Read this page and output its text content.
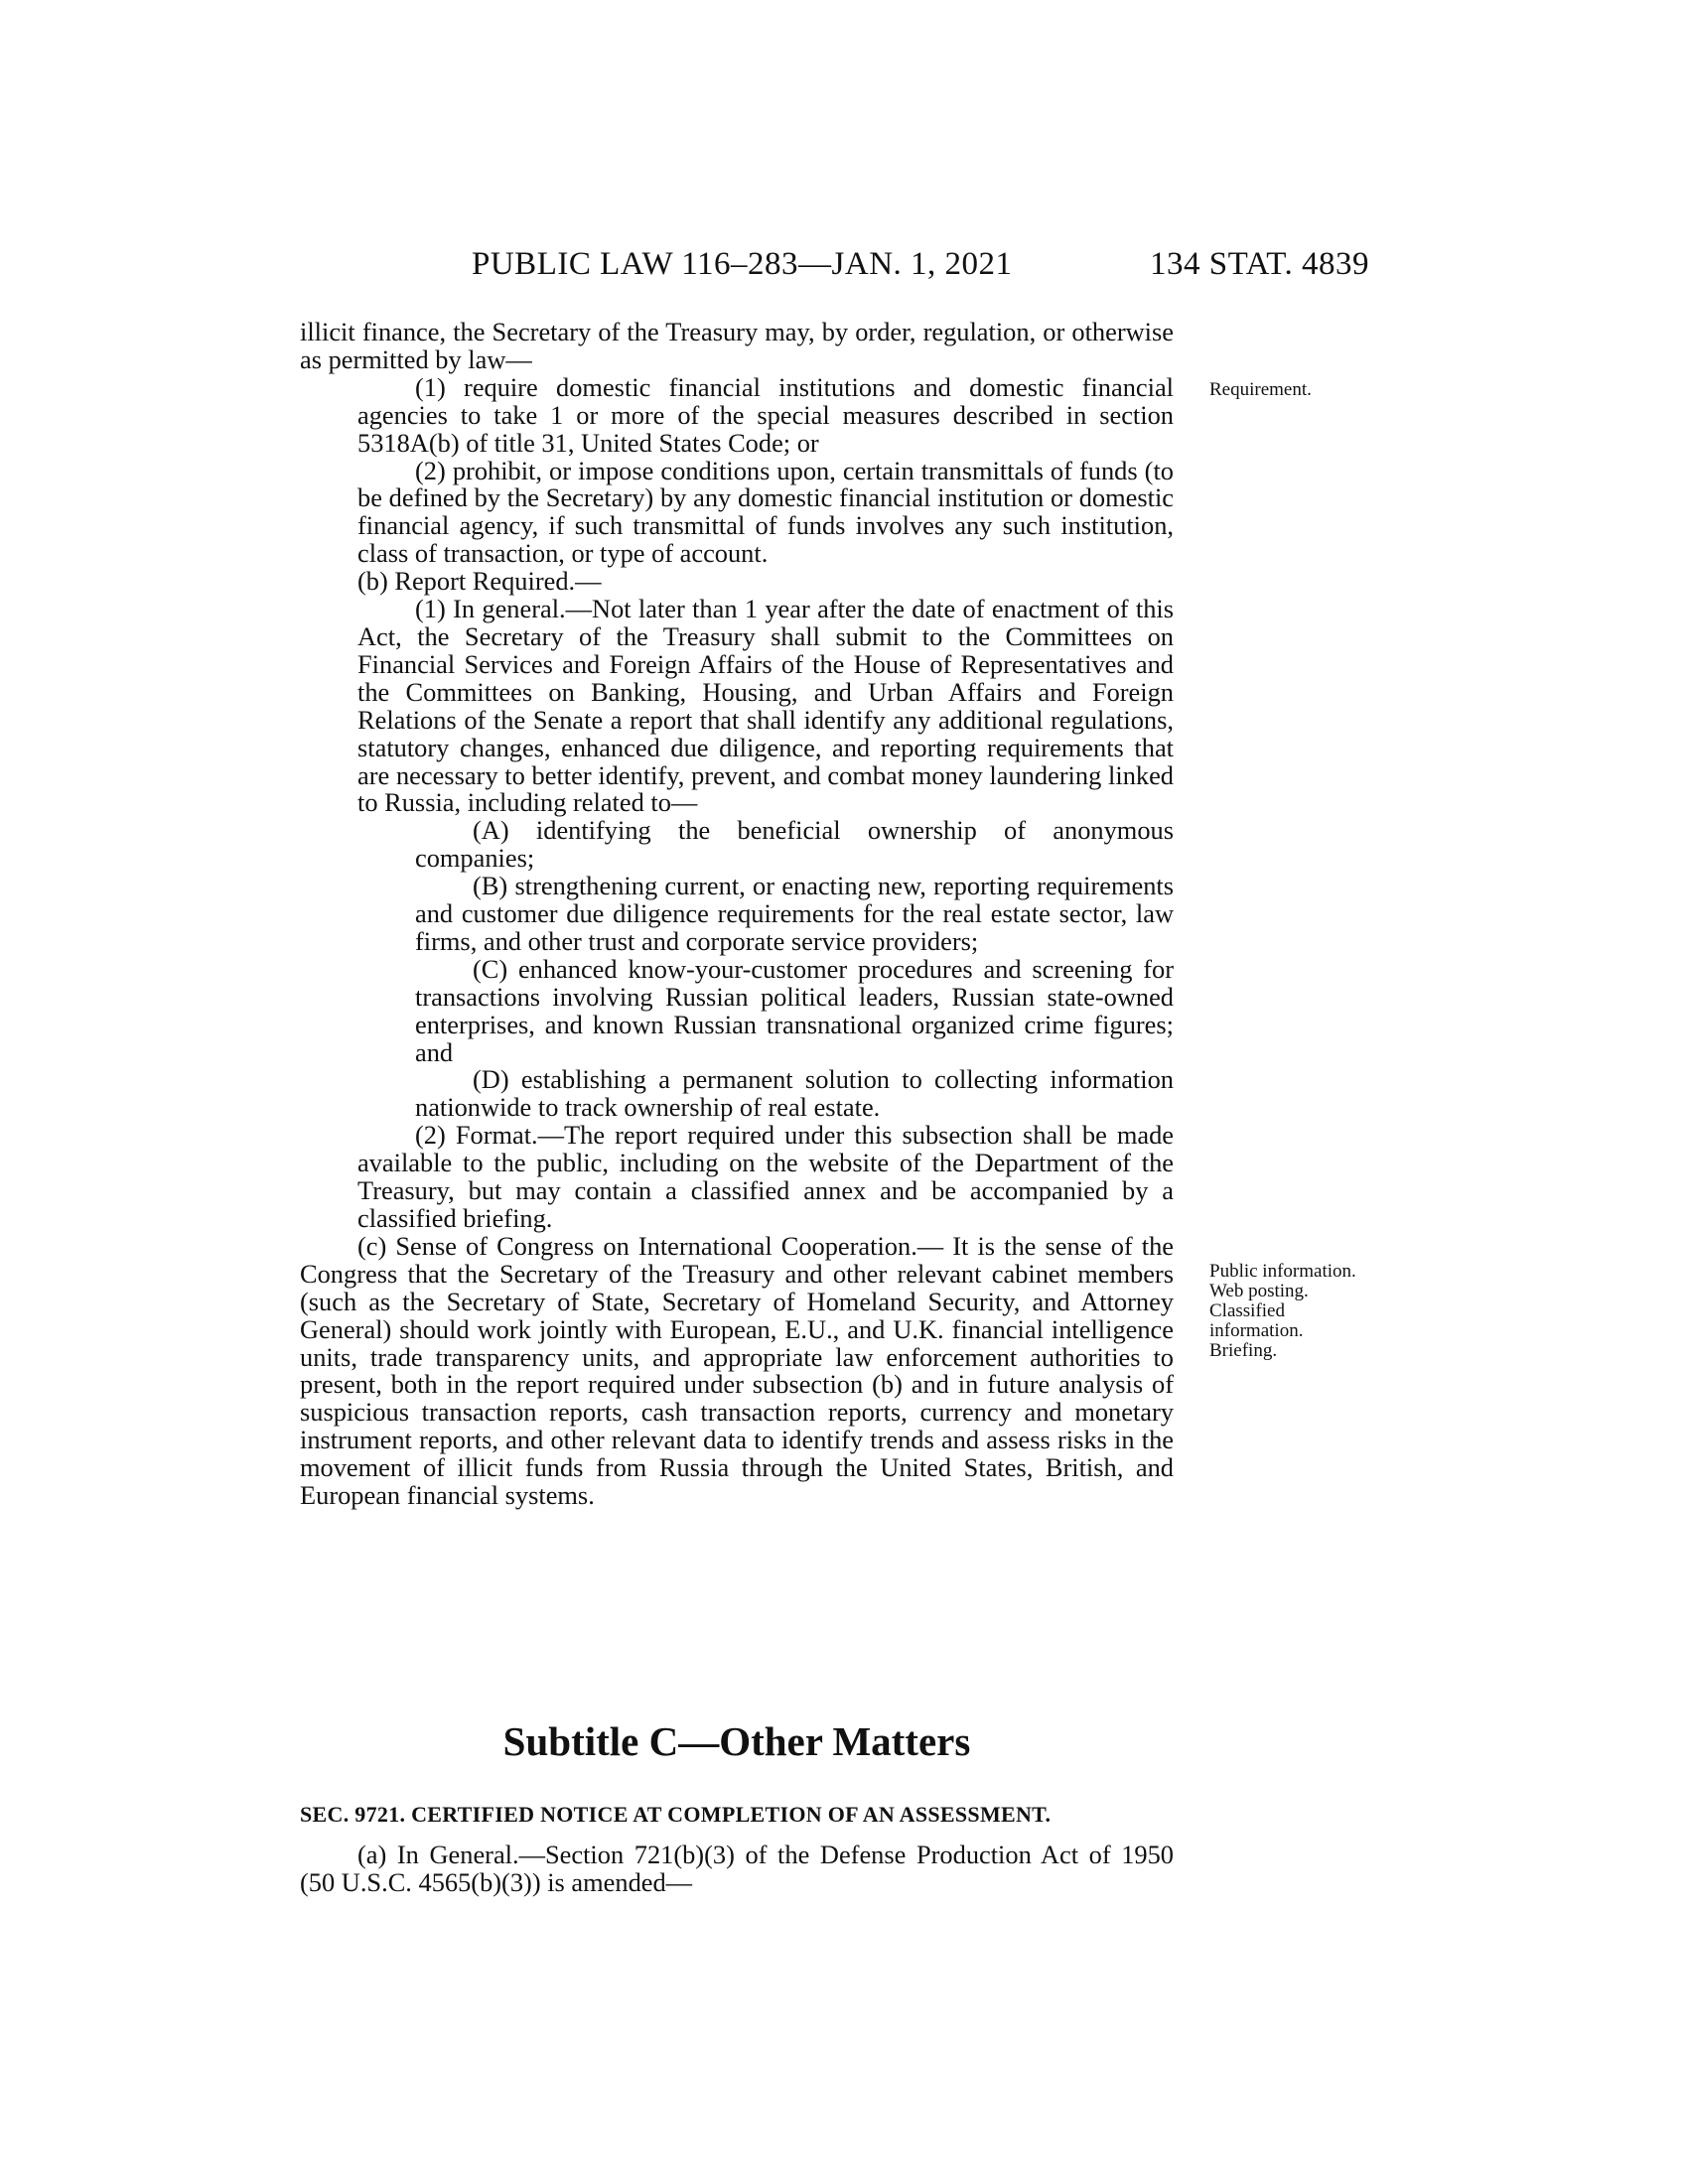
PUBLIC LAW 116–283—JAN. 1, 2021	134 STAT. 4839
Requirement.
Public information. Web posting. Classified information. Briefing.

illicit finance, the Secretary of the Treasury may, by order, regulation, or otherwise as permitted by law—

(1) require domestic financial institutions and domestic financial agencies to take 1 or more of the special measures described in section 5318A(b) of title 31, United States Code; or

(2) prohibit, or impose conditions upon, certain transmittals of funds (to be defined by the Secretary) by any domestic financial institution or domestic financial agency, if such transmittal of funds involves any such institution, class of transaction, or type of account.

(b) Report Required.—

(1) In general.—Not later than 1 year after the date of enactment of this Act, the Secretary of the Treasury shall submit to the Committees on Financial Services and Foreign Affairs of the House of Representatives and the Committees on Banking, Housing, and Urban Affairs and Foreign Relations of the Senate a report that shall identify any additional regulations, statutory changes, enhanced due diligence, and reporting requirements that are necessary to better identify, prevent, and combat money laundering linked to Russia, including related to—

(A) identifying the beneficial ownership of anonymous companies;

(B) strengthening current, or enacting new, reporting requirements and customer due diligence requirements for the real estate sector, law firms, and other trust and corporate service providers;

(C) enhanced know-your-customer procedures and screening for transactions involving Russian political leaders, Russian state-owned enterprises, and known Russian transnational organized crime figures; and

(D) establishing a permanent solution to collecting information nationwide to track ownership of real estate.

(2) Format.—The report required under this subsection shall be made available to the public, including on the website of the Department of the Treasury, but may contain a classified annex and be accompanied by a classified briefing.

(c) Sense of Congress on International Cooperation.— It is the sense of the Congress that the Secretary of the Treasury and other relevant cabinet members (such as the Secretary of State, Secretary of Homeland Security, and Attorney General) should work jointly with European, E.U., and U.K. financial intelligence units, trade transparency units, and appropriate law enforcement authorities to present, both in the report required under subsection (b) and in future analysis of suspicious transaction reports, cash transaction reports, currency and monetary instrument reports, and other relevant data to identify trends and assess risks in the movement of illicit funds from Russia through the United States, British, and European financial systems.

Subtitle C—Other Matters
SEC. 9721. CERTIFIED NOTICE AT COMPLETION OF AN ASSESSMENT.

(a) In General.—Section 721(b)(3) of the Defense Production Act of 1950 (50 U.S.C. 4565(b)(3)) is amended—
